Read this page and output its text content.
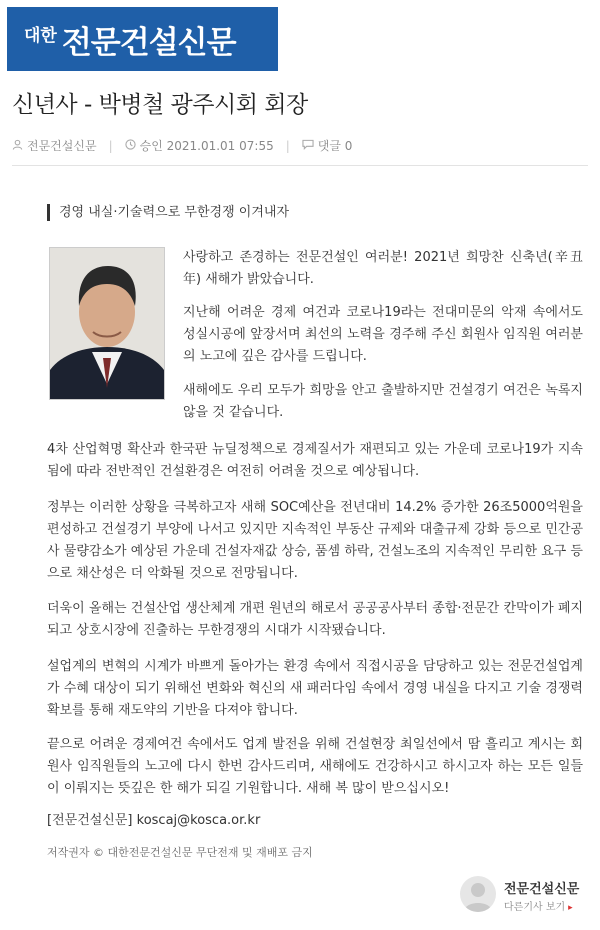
대한 전문건설신문
신년사 - 박병철 광주시회 회장
전문건설신문 | 승인 2021.01.01 07:55 | 댓글 0
경영 내실·기술력으로 무한경쟁 이겨내자

사랑하고 존경하는 전문건설인 여러분! 2021년 희망찬 신축년(辛丑年) 새해가 밝았습니다.

지난해 어려운 경제 여건과 코로나19라는 전대미문의 악재 속에서도 성실시공에 앞장서며 최선의 노력을 경주해 주신 회원사 임직원 여러분의 노고에 깊은 감사를 드립니다.

새해에도 우리 모두가 희망을 안고 출발하지만 건설경기 여건은 녹록지 않을 것 같습니다.

4차 산업혁명 확산과 한국판 뉴딜정책으로 경제질서가 재편되고 있는 가운데 코로나19가 지속됨에 따라 전반적인 건설환경은 여전히 어려울 것으로 예상됩니다.

정부는 이러한 상황을 극복하고자 새해 SOC예산을 전년대비 14.2% 증가한 26조5000억원을 편성하고 건설경기 부양에 나서고 있지만 지속적인 부동산 규제와 대출규제 강화 등으로 민간공사 물량감소가 예상된 가운데 건설자재값 상승, 품셈 하락, 건설노조의 지속적인 무리한 요구 등으로 채산성은 더 악화될 것으로 전망됩니다.

더욱이 올해는 건설산업 생산체계 개편 원년의 해로서 공공공사부터 종합·전문간 칸막이가 폐지되고 상호시장에 진출하는 무한경쟁의 시대가 시작됐습니다.

설업계의 변혁의 시계가 바쁘게 돌아가는 환경 속에서 직접시공을 담당하고 있는 전문건설업계가 수혜 대상이 되기 위해선 변화와 혁신의 새 패러다임 속에서 경영 내실을 다지고 기술 경쟁력 확보를 통해 재도약의 기반을 다져야 합니다.

끝으로 어려운 경제여건 속에서도 업계 발전을 위해 건설현장 최일선에서 땀 흘리고 계시는 회원사 임직원들의 노고에 다시 한번 감사드리며, 새해에도 건강하시고 하시고자 하는 모든 일들이 이뤄지는 뜻깊은 한 해가 되길 기원합니다. 새해 복 많이 받으십시오!

[전문건설신문] koscaj@kosca.or.kr
저작권자 © 대한전문건설신문 무단전재 및 재배포 금지
전문건설신문
다른기사 보기 ▸
